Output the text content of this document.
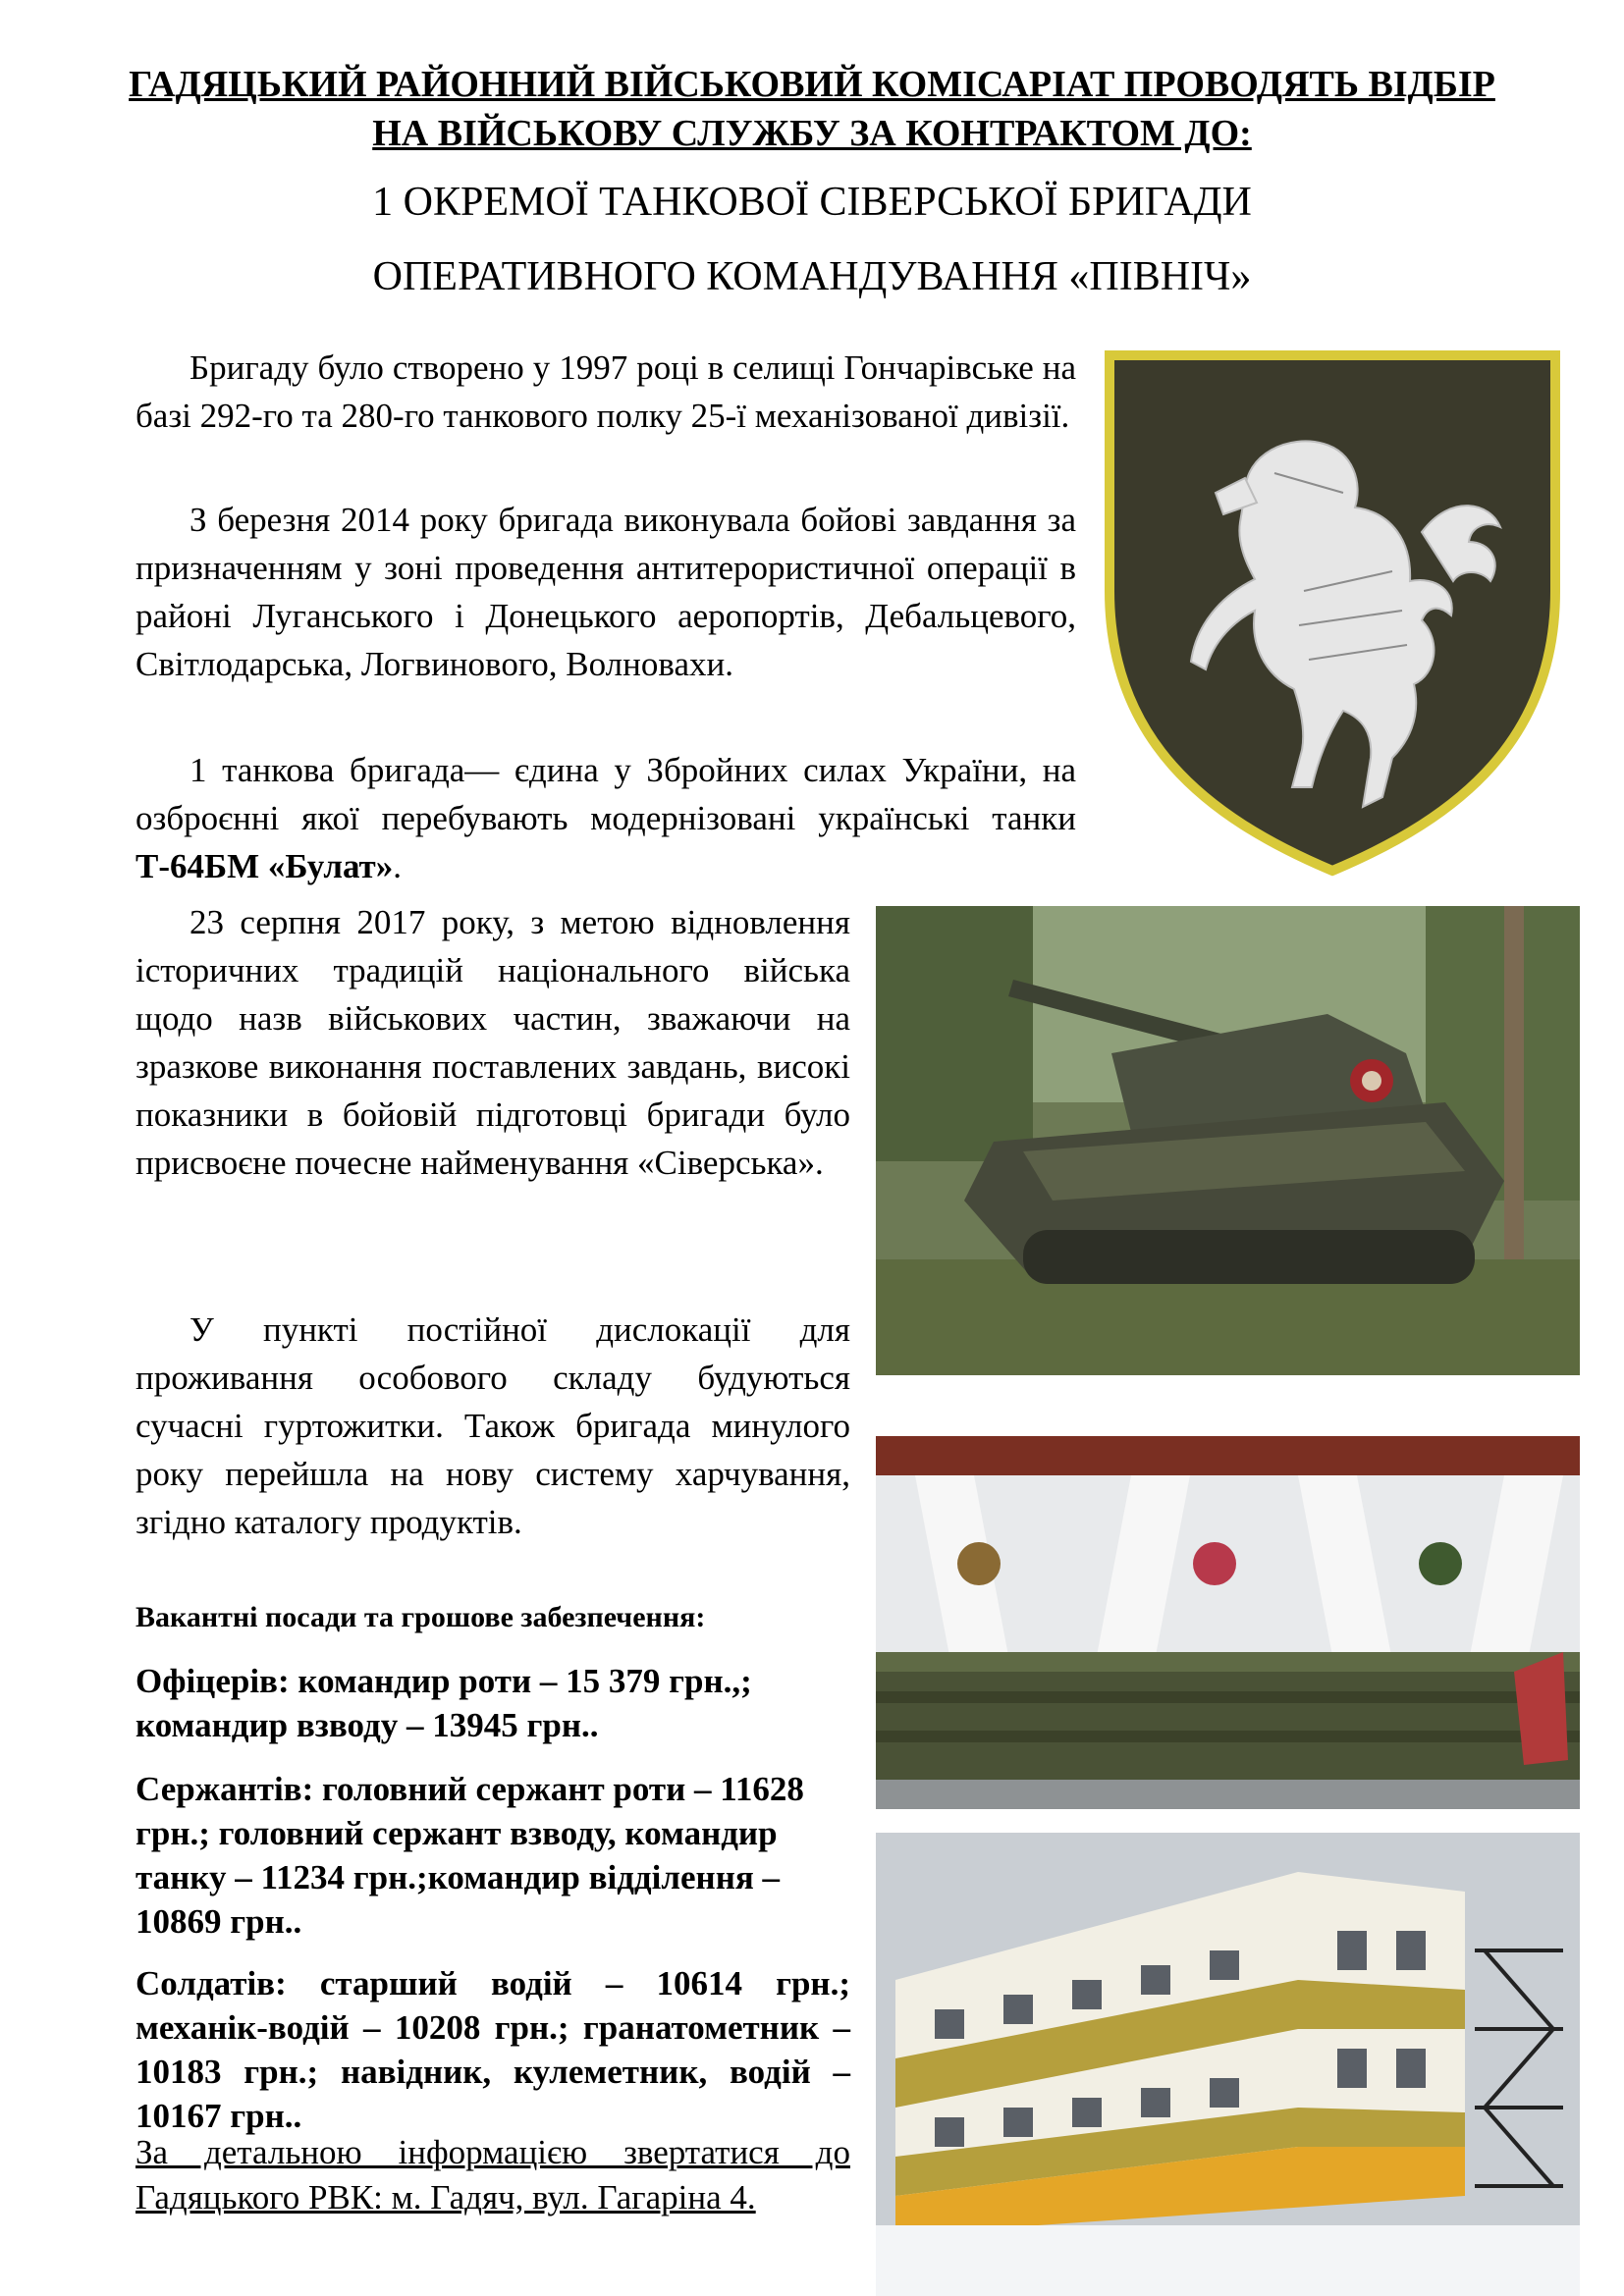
ГАДЯЦЬКИЙ РАЙОННИЙ ВІЙСЬКОВИЙ КОМІСАРІАТ ПРОВОДЯТЬ ВІДБІР
НА ВІЙСЬКОВУ СЛУЖБУ ЗА КОНТРАКТОМ ДО:
1 ОКРЕМОЇ ТАНКОВОЇ СІВЕРСЬКОЇ БРИГАДИ
ОПЕРАТИВНОГО КОМАНДУВАННЯ «ПІВНІЧ»

Бригаду було створено у 1997 році в селищі Гончарівське на базі 292-го та 280-го танкового полку 25-ї механізованої дивізії.

З березня 2014 року бригада виконувала бойові завдання за призначенням у зоні проведення антитерористичної операції в районі Луганського і Донецького аеропортів, Дебальцевого, Світлодарська, Логвинового, Волновахи.

1 танкова бригада— єдина у Збройних силах України, на озброєнні якої перебувають модернізовані українські танки Т-64БМ «Булат».

23 серпня 2017 року, з метою відновлення історичних традицій національного війська щодо назв військових частин, зважаючи на зразкове виконання поставлених завдань, високі показники в бойовій підготовці бригади було присвоєне почесне найменування «Сіверська».

У пункті постійної дислокації для проживання особового складу будуються сучасні гуртожитки. Також бригада минулого року перейшла на нову систему харчування, згідно каталогу продуктів.

Вакантні посади та грошове забезпечення:

Офіцерів: командир роти – 15 379 грн.,; командир взводу – 13945 грн..

Сержантів: головний сержант роти – 11628 грн.; головний сержант взводу, командир танку – 11234 грн.;командир відділення – 10869 грн..

Солдатів: старший водій – 10614 грн.; механік-водій – 10208 грн.; гранатометник – 10183 грн.; навідник, кулеметник, водій – 10167 грн..

За детальною інформацією звертатися до Гадяцького РВК: м. Гадяч, вул. Гагаріна 4.
